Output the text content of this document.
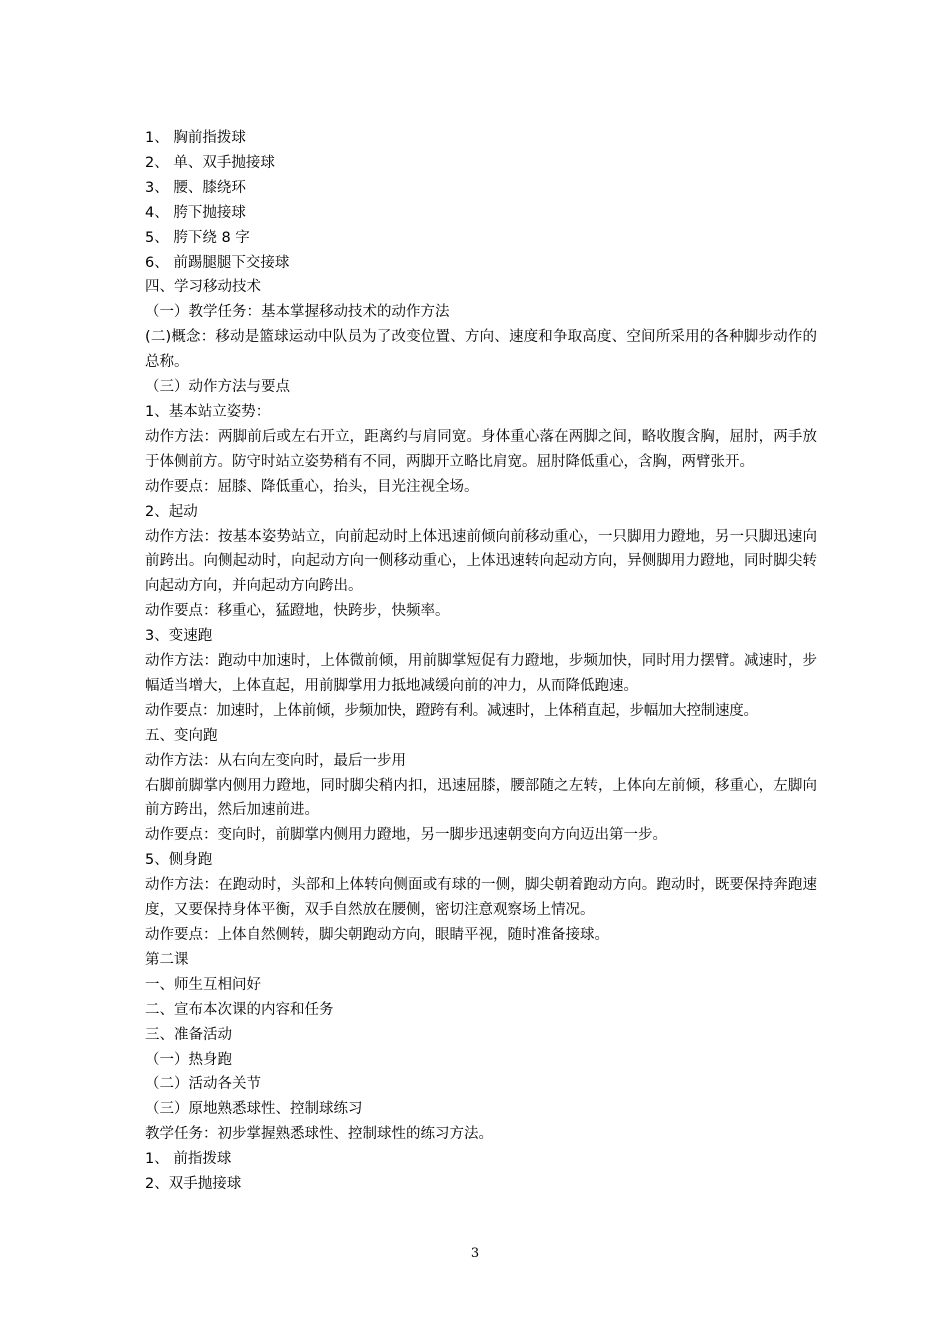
1、 胸前指拨球

2、 单、双手抛接球

3、 腰、膝绕环

4、 胯下抛接球

5、 胯下绕 8 字

6、 前踢腿腿下交接球

四、学习移动技术

（一）教学任务：基本掌握移动技术的动作方法

(二)概念：移动是篮球运动中队员为了改变位置、方向、速度和争取高度、空间所采用的各种脚步动作的总称。

（三）动作方法与要点

1、基本站立姿势：

动作方法：两脚前后或左右开立，距离约与肩同宽。身体重心落在两脚之间，略收腹含胸，屈肘，两手放于体侧前方。防守时站立姿势稍有不同，两脚开立略比肩宽。屈肘降低重心，含胸，两臂张开。

动作要点：屈膝、降低重心，抬头，目光注视全场。

2、起动

动作方法：按基本姿势站立，向前起动时上体迅速前倾向前移动重心，一只脚用力蹬地，另一只脚迅速向前跨出。向侧起动时，向起动方向一侧移动重心，上体迅速转向起动方向，异侧脚用力蹬地，同时脚尖转向起动方向，并向起动方向跨出。

动作要点：移重心，猛蹬地，快跨步，快频率。

3、变速跑

动作方法：跑动中加速时，上体微前倾，用前脚掌短促有力蹬地，步频加快，同时用力摆臂。减速时，步幅适当增大，上体直起，用前脚掌用力抵地减缓向前的冲力，从而降低跑速。

动作要点：加速时，上体前倾，步频加快，蹬跨有利。减速时，上体稍直起，步幅加大控制速度。

五、变向跑

动作方法：从右向左变向时，最后一步用

右脚前脚掌内侧用力蹬地，同时脚尖稍内扣，迅速屈膝，腰部随之左转，上体向左前倾，移重心，左脚向前方跨出，然后加速前进。

动作要点：变向时，前脚掌内侧用力蹬地，另一脚步迅速朝变向方向迈出第一步。

5、侧身跑

动作方法：在跑动时，头部和上体转向侧面或有球的一侧，脚尖朝着跑动方向。跑动时，既要保持奔跑速度，又要保持身体平衡，双手自然放在腰侧，密切注意观察场上情况。

动作要点：上体自然侧转，脚尖朝跑动方向，眼睛平视，随时准备接球。

第二课

一、师生互相问好

二、宣布本次课的内容和任务

三、准备活动

（一）热身跑

（二）活动各关节

（三）原地熟悉球性、控制球练习

教学任务：初步掌握熟悉球性、控制球性的练习方法。

1、 前指拨球

2、双手抛接球

3
